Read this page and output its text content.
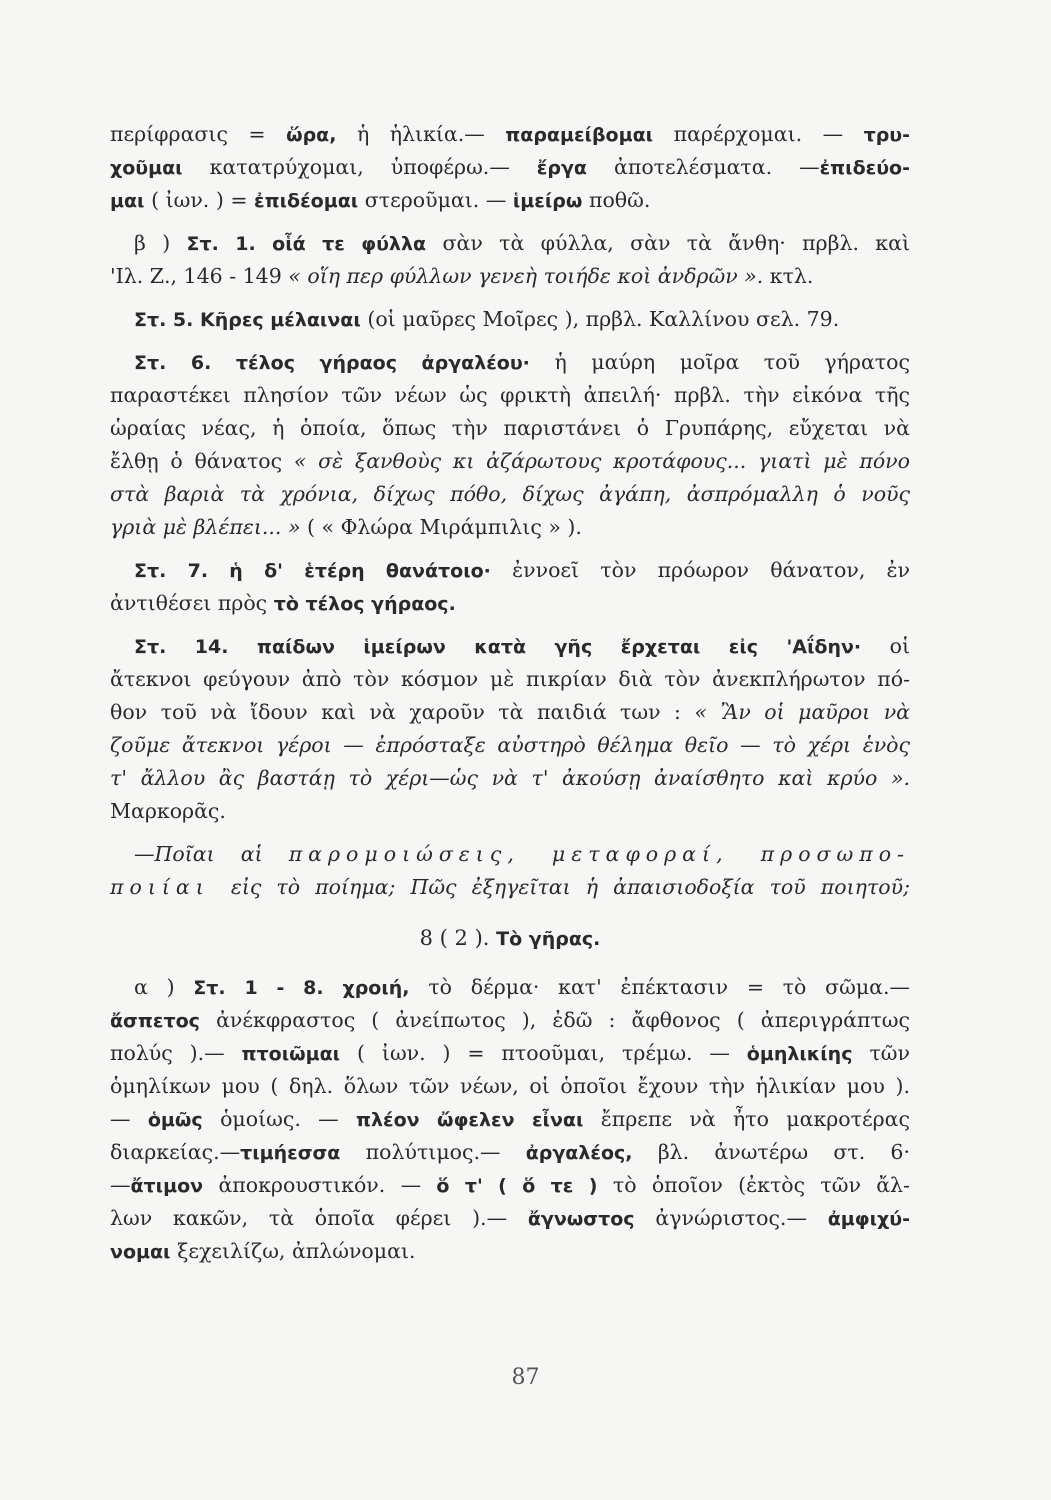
περίφρασις = ὥρα, ἡ ἡλικία.— παραμείβομαι παρέρχομαι. — τρυ-
χοῦμαι κατατρύχομαι, ὑποφέρω.— ἔργα ἀποτελέσματα. —ἐπιδεύο-
μαι ( ἰων. ) = ἐπιδέομαι στεροῦμαι. — ἱμείρω ποθῶ.
β ) Στ. 1. οἷά τε φύλλα σὰν τὰ φύλλα, σὰν τὰ ἄνθη· πρβλ. καὶ
'Ιλ. Ζ., 146 - 149 « οἵη περ φύλλων γενεὴ τοιήδε κοὶ ἀνδρῶν ». κτλ.
Στ. 5. Κῆρες μέλαιναι (οἱ μαῦρες Μοῖρες ), πρβλ. Καλλίνου σελ. 79.
Στ. 6. τέλος γήραος ἀργαλέου· ἡ μαύρη μοῖρα τοῦ γήρατος
παραστέκει πλησίον τῶν νέων ὡς φρικτὴ ἀπειλή· πρβλ. τὴν εἰκόνα τῆς
ὡραίας νέας, ἡ ὁποία, ὅπως τὴν παριστάνει ὁ Γρυπάρης, εὔχεται νὰ
ἔλθῃ ὁ θάνατος « σὲ ξανθοὺς κι ἀζάρωτους κροτάφους... γιατὶ μὲ πόνο
στὰ βαριὰ τὰ χρόνια, δίχως πόθο, δίχως ἀγάπη, ἀσπρόμαλλη ὁ νοῦς
γριὰ μὲ βλέπει... » ( « Φλώρα Μιράμπιλις » ).
Στ. 7. ἡ δ' ἑτέρη θανάτοιο· ἐννοεῖ τὸν πρόωρον θάνατον, ἐν
ἀντιθέσει πρὸς τὸ τέλος γήραος.
Στ. 14. παίδων ἱμείρων κατὰ γῆς ἔρχεται εἰς 'Αΐδην· οἱ
ἄτεκνοι φεύγουν ἀπὸ τὸν κόσμον μὲ πικρίαν διὰ τὸν ἀνεκπλήρωτον πό-
θον τοῦ νὰ ἴδουν καὶ νὰ χαροῦν τὰ παιδιά των : « Ἂν οἱ μαῦροι νὰ
ζοῦμε ἄτεκνοι γέροι — ἐπρόσταξε αὐστηρὸ θέλημα θεῖο — τὸ χέρι ἑνὸς
τ' ἄλλου ἂς βαστάῃ τὸ χέρι—ὡς νὰ τ' ἀκούσῃ ἀναίσθητο καὶ κρύο ».
Μαρκορᾶς.
—Ποῖαι αἱ παρομοιώσεις, μεταφοραί, προσωπο-
ποιίαι εἰς τὸ ποίημα; Πῶς ἐξηγεῖται ἡ ἀπαισιοδοξία τοῦ ποιητοῦ;
8 ( 2 ). Τὸ γῆρας.
α ) Στ. 1 - 8. χροιή, τὸ δέρμα· κατ' ἐπέκτασιν = τὸ σῶμα.—
ἄσπετος ἀνέκφραστος ( ἀνείπωτος ), ἐδῶ : ἄφθονος ( ἀπεριγράπτως
πολύς ).— πτοιῶμαι ( ἰων. ) = πτοοῦμαι, τρέμω. — ὁμηλικίης τῶν
ὁμηλίκων μου ( δηλ. ὅλων τῶν νέων, οἱ ὁποῖοι ἔχουν τὴν ἡλικίαν μου ).
— ὁμῶς ὁμοίως. — πλέον ὤφελεν εἶναι ἔπρεπε νὰ ἦτο μακροτέρας
διαρκείας.—τιμήεσσα πολύτιμος.— ἀργαλέος, βλ. ἀνωτέρω στ. 6·
—ἄτιμον ἀποκρουστικόν. — ὅ τ' ( ὅ τε ) τὸ ὁποῖον (ἐκτὸς τῶν ἄλ-
λων κακῶν, τὰ ὁποῖα φέρει ).— ἄγνωστος ἀγνώριστος.— ἀμφιχύ-
νομαι ξεχειλίζω, ἀπλώνομαι.
87
